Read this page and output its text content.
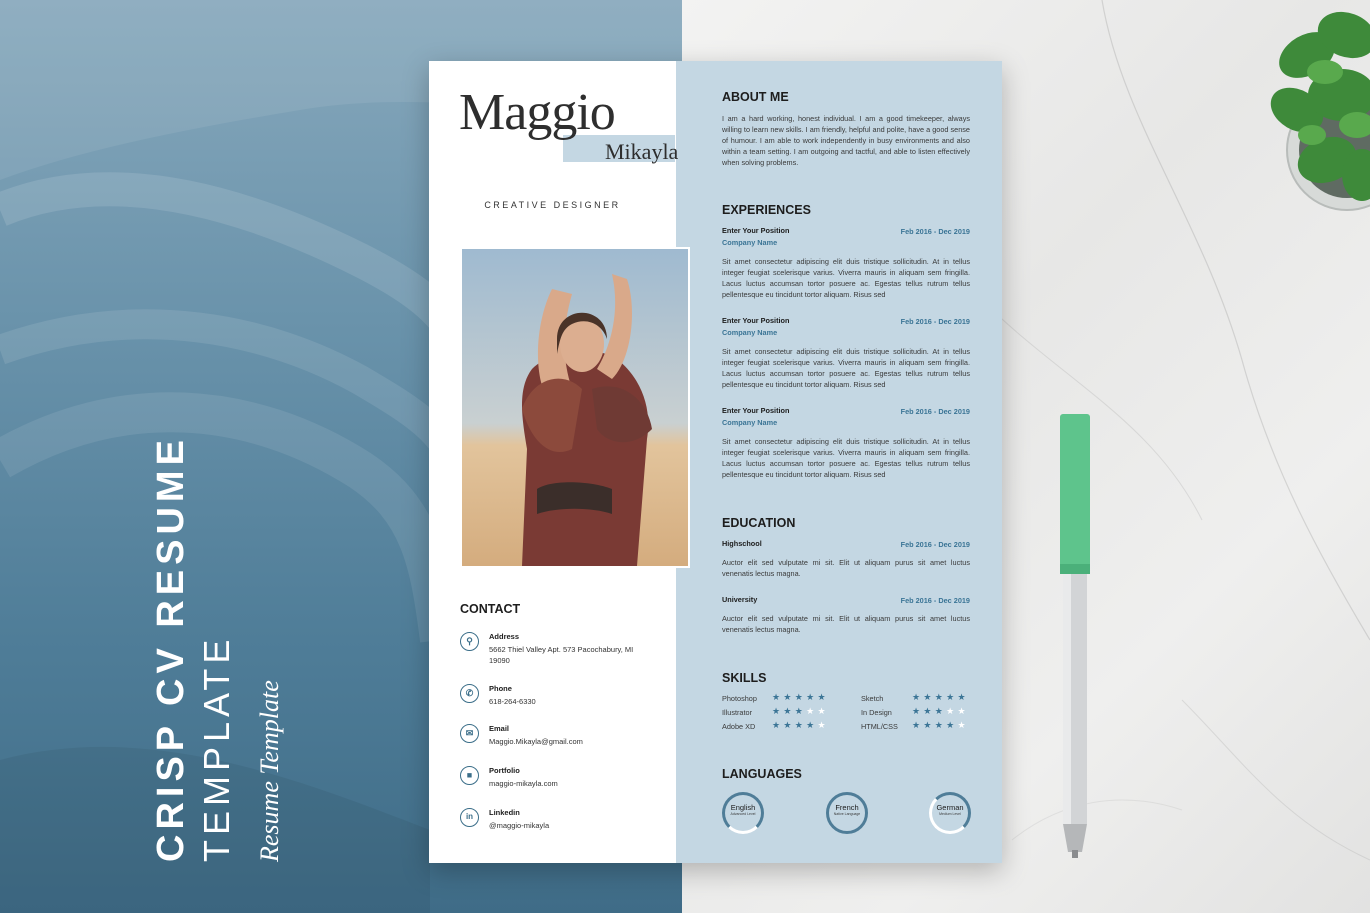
CRISP CV RESUME TEMPLATE Resume Template
Maggio
Mikayla
CREATIVE DESIGNER
CONTACT
⚲	Address
5662 Thiel Valley Apt. 573 Pacochabury, MI 19090
✆	Phone
618-264-6330
✉	Email
Maggio.Mikayla@gmail.com
■	Portfolio
maggio-mikayla.com
in	Linkedin
@maggio-mikayla
ABOUT ME
I am a hard working, honest individual. I am a good timekeeper, always willing to learn new skills. I am friendly, helpful and polite, have a good sense of humour. I am able to work independently in busy environments and also within a team setting. I am outgoing and tactful, and able to listen effectively when solving problems.
EXPERIENCES
Enter Your Position	Feb 2016 - Dec 2019
Company Name
Sit amet consectetur adipiscing elit duis tristique sollicitudin. At in tellus integer feugiat scelerisque varius. Viverra mauris in aliquam sem fringilla. Lacus luctus accumsan tortor posuere ac. Egestas tellus rutrum tellus pellentesque eu tincidunt tortor aliquam. Risus sed
Enter Your Position	Feb 2016 - Dec 2019
Company Name
Sit amet consectetur adipiscing elit duis tristique sollicitudin. At in tellus integer feugiat scelerisque varius. Viverra mauris in aliquam sem fringilla. Lacus luctus accumsan tortor posuere ac. Egestas tellus rutrum tellus pellentesque eu tincidunt tortor aliquam. Risus sed
Enter Your Position	Feb 2016 - Dec 2019
Company Name
Sit amet consectetur adipiscing elit duis tristique sollicitudin. At in tellus integer feugiat scelerisque varius. Viverra mauris in aliquam sem fringilla. Lacus luctus accumsan tortor posuere ac. Egestas tellus rutrum tellus pellentesque eu tincidunt tortor aliquam. Risus sed
EDUCATION
Highschool	Feb 2016 - Dec 2019
Auctor elit sed vulputate mi sit. Elit ut aliquam purus sit amet luctus venenatis lectus magna.
University	Feb 2016 - Dec 2019
Auctor elit sed vulputate mi sit. Elit ut aliquam purus sit amet luctus venenatis lectus magna.
SKILLS
Photoshop ★★★★★
Illustrator ★★★★★
Adobe XD ★★★★★
Sketch	★★★★★
In Design ★★★★★
HTML/CSS ★★★★★
LANGUAGES
English
Advanced Level
French
Native Language
German
Medium Level
